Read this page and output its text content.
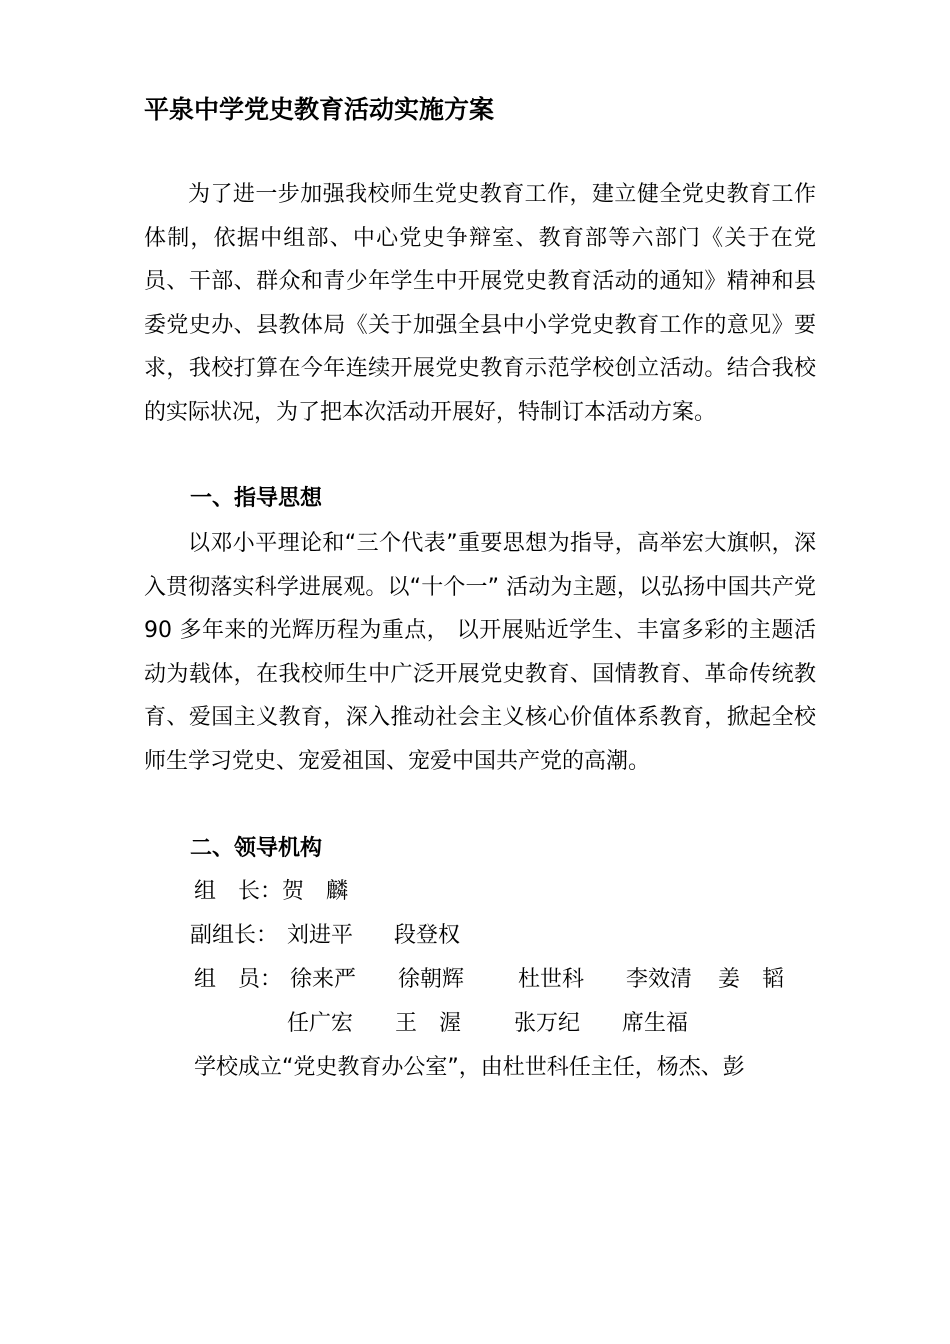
平泉中学党史教育活动实施方案

为了进一步加强我校师生党史教育工作，建立健全党史教育工作体制，依据中组部、中心党史争辩室、教育部等六部门《关于在党员、干部、群众和青少年学生中开展党史教育活动的通知》精神和县委党史办、县教体局《关于加强全县中小学党史教育工作的意见》要求，我校打算在今年连续开展党史教育示范学校创立活动。结合我校的实际状况，为了把本次活动开展好，特制订本活动方案。

一、指导思想

以邓小平理论和“三个代表”重要思想为指导，高举宏大旗帜，深入贯彻落实科学进展观。以“十个一” 活动为主题，以弘扬中国共产党 90 多年来的光辉历程为重点， 以开展贴近学生、丰富多彩的主题活动为载体，在我校师生中广泛开展党史教育、国情教育、革命传统教育、爱国主义教育，深入推动社会主义核心价值体系教育，掀起全校师生学习党史、宠爱祖国、宠爱中国共产党的高潮。

二、领导机构
组　长：贺　麟
副组长： 刘进平 段登权
组　员： 徐来严 徐朝辉 杜世科 李效清 姜　韬
任广宏 王　渥 张万纪 席生福
学校成立“党史教育办公室”，由杜世科任主任，杨杰、彭
